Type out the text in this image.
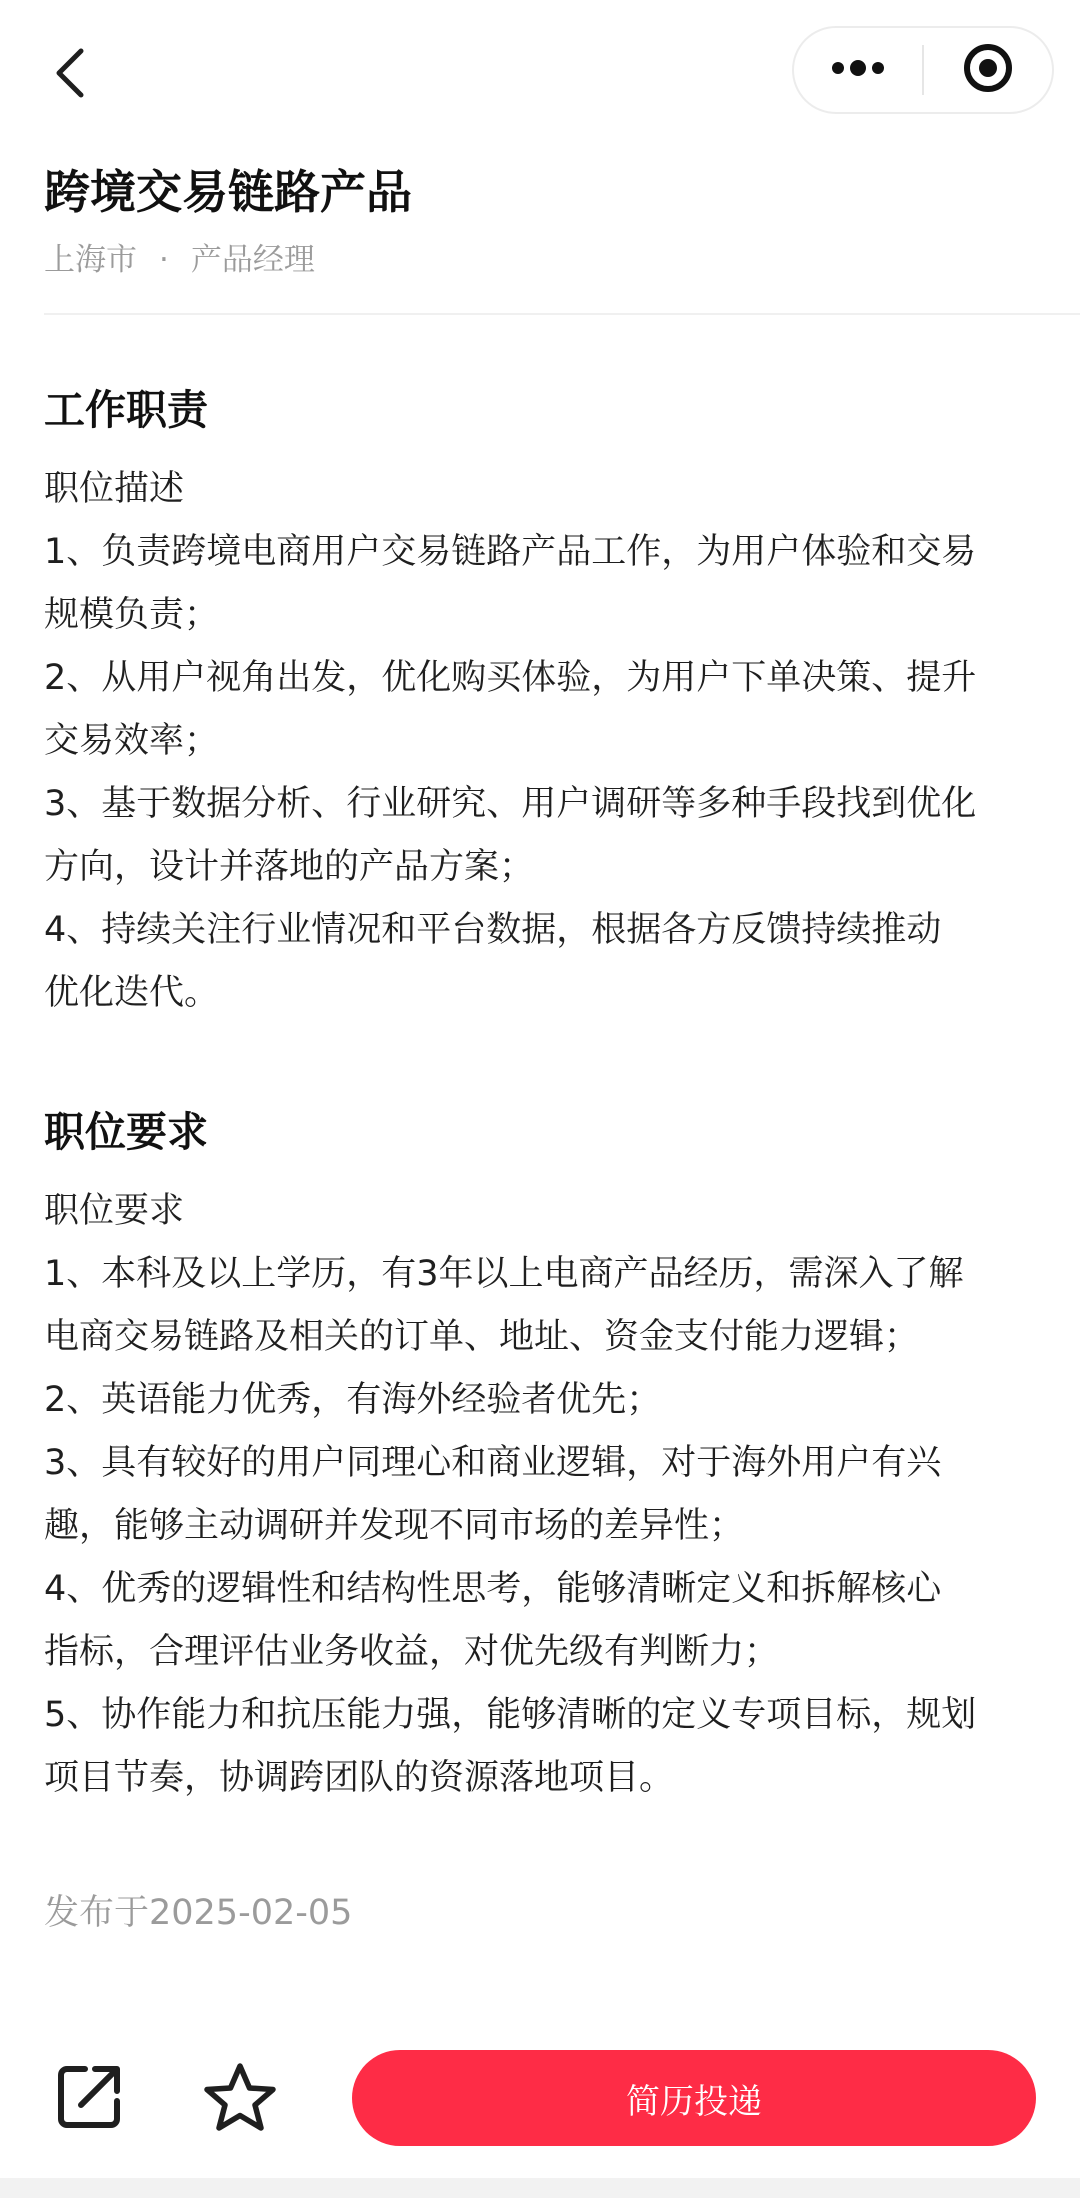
跨境交易链路产品
上海市 · 产品经理
工作职责
职位描述
1、负责跨境电商用户交易链路产品工作，为用户体验和交易
规模负责；
2、从用户视角出发，优化购买体验，为用户下单决策、提升
交易效率；
3、基于数据分析、行业研究、用户调研等多种手段找到优化
方向，设计并落地的产品方案；
4、持续关注行业情况和平台数据，根据各方反馈持续推动
优化迭代。
职位要求
职位要求
1、本科及以上学历，有3年以上电商产品经历，需深入了解
电商交易链路及相关的订单、地址、资金支付能力逻辑；
2、英语能力优秀，有海外经验者优先；
3、具有较好的用户同理心和商业逻辑，对于海外用户有兴
趣，能够主动调研并发现不同市场的差异性；
4、优秀的逻辑性和结构性思考，能够清晰定义和拆解核心
指标，合理评估业务收益，对优先级有判断力；
5、协作能力和抗压能力强，能够清晰的定义专项目标，规划
项目节奏，协调跨团队的资源落地项目。
发布于2025-02-05
简历投递
